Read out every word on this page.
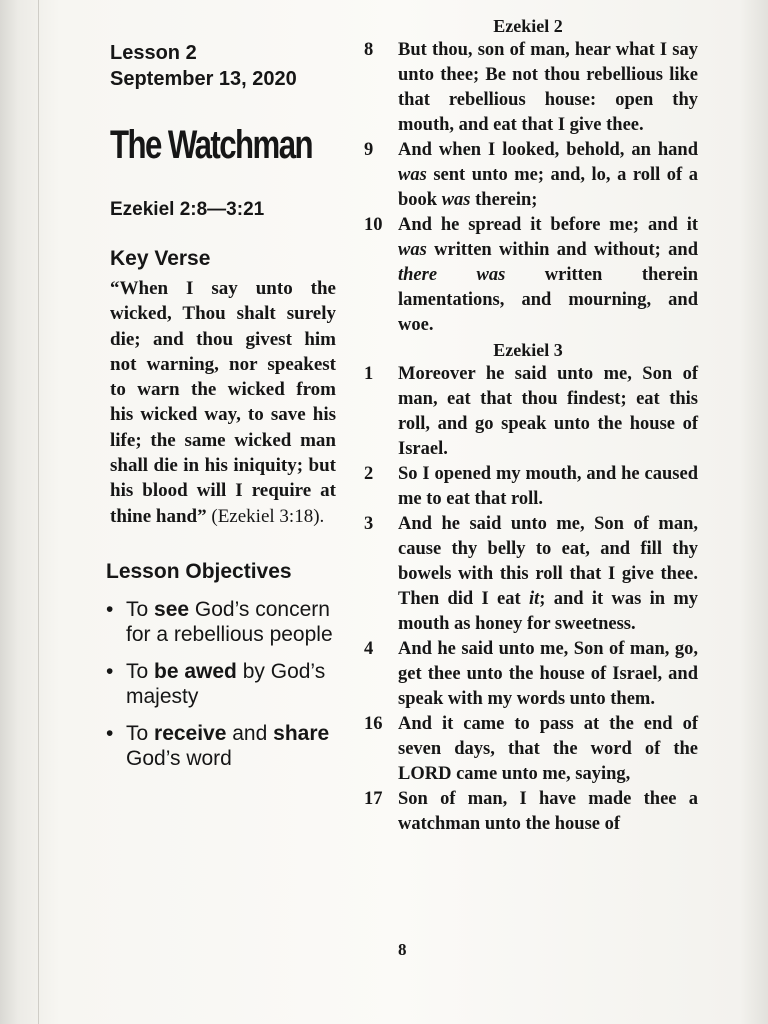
Lesson 2

September 13, 2020

The Watchman

Ezekiel 2:8—3:21

Key Verse

“When I say unto the wicked, Thou shalt surely die; and thou givest him not warning, nor speakest to warn the wicked from his wicked way, to save his life; the same wicked man shall die in his iniquity; but his blood will I require at thine hand” (Ezekiel 3:18).

Lesson Objectives

• To see God’s concern for a rebellious people
• To be awed by God’s majesty
• To receive and share God’s word

Ezekiel 2

8	But thou, son of man, hear what I say unto thee; Be not thou rebellious like that rebellious house: open thy mouth, and eat that I give thee.
9	And when I looked, behold, an hand was sent unto me; and, lo, a roll of a book was therein;
10 And he spread it before me; and it was written within and without; and there was written therein lamentations, and mourning, and woe.

Ezekiel 3

1	Moreover he said unto me, Son of man, eat that thou findest; eat this roll, and go speak unto the house of Israel.
2	So I opened my mouth, and he caused me to eat that roll.
3	And he said unto me, Son of man, cause thy belly to eat, and fill thy bowels with this roll that I give thee. Then did I eat it; and it was in my mouth as honey for sweetness.
4	And he said unto me, Son of man, go, get thee unto the house of Israel, and speak with my words unto them.
16 And it came to pass at the end of seven days, that the word of the LORD came unto me, saying,
17 Son of man, I have made thee a watchman unto the house of
8
